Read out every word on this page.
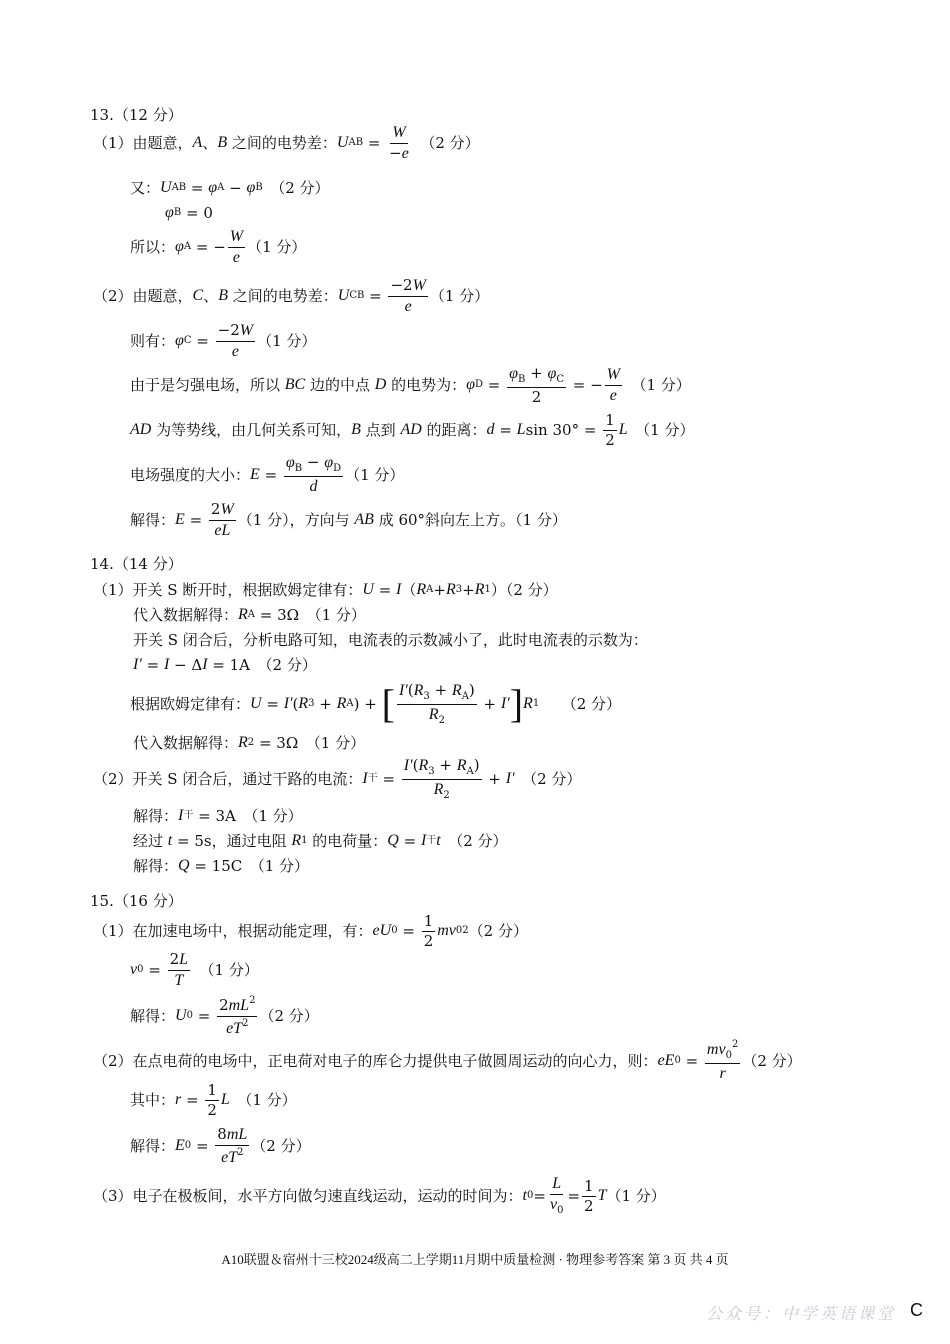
13.（12 分）
（1）由题意， A 、 B 之间的电势差： U AB = $\frac{W}{-e}$ 　（2 分）
又： U AB = φ A − φ B 　（2 分）
φ B = 0
所以： φ A = − $\frac{W}{e} (1$ 分）
（2）由题意， C 、 B 之间的电势差： U CB = $\frac{-2W}{e} (1$ 分）
则有： φ $C = \frac{-2W}{e} (1$ 分）
由于是匀强电场，所以 BC 边的中点 D 的电势为： φ $D = \frac{\varphi_B + \varphi_C}{2}$ = − $\frac{W}{e}$ 　（1 分）
AD 为等势线，由几何关系可知， B 点到 AD 的距离： d = L $\sin 30^\circ = \frac{1}{2}$ L 　（1 分）
电场强度的大小： $E = \frac{\varphi_B - \varphi_D}{d} (1$ 分）
解得： $E = \frac{2W}{eL} (1$ 分），方向与 AB 成 60°斜向左上方。（1 分）
14.（14 分）
（1）开关 S 断开时，根据欧姆定律有： U = I （ R A + R 3 + R 1 ）（2 分）
代入数据解得： R A = 3Ω　（1 分）
开关 S 闭合后，分析电路可知，电流表的示数减小了，此时电流表的示数为：
I′ = I − Δ I = 1A　（2 分）
根据欧姆定律有： U = I′ ( R 3 + R A ) + [ $\frac{I'(R_3 + R_A)}{R_2} + I'$ ] R 1 　　（2 分）
代入数据解得： R 2 = 3Ω　（1 分）
（2）开关 S 闭合后，通过干路的电流： I 干 = $\frac{I'(R_3 + R_A)}{R_2} + I'$ 　（2 分）
解得： I 干 = 3A　（1 分）
经过 t = 5s，通过电阻 R 1 的电荷量： Q = I 干 t 　（2 分）
解得： Q = 15C　（1 分）
15.（16 分）
（1）在加速电场中，根据动能定理，有： eU $0 = \frac{1}{2}$ mv 0 2 （2 分）
v $0 = \frac{2L}{T}$ 　（1 分）
解得： U $0 = \frac{2mL^2}{eT^2} (2$ 分）
（2）在点电荷的电场中，正电荷对电子的库仑力提供电子做圆周运动的向心力，则： eE $0 = \frac{mv_0^2}{r} (2$ 分）
其中： $r = \frac{1}{2}$ L 　（1 分）
解得： E $0 = \frac{8mL}{eT^2} (2$ 分）
（3）电子在极板间，水平方向做匀速直线运动，运动的时间为： t $0 = \frac{L}{v_0} = \frac{1}{2}$ T （1 分）
A10联盟＆宿州十三校2024级高二上学期11月期中质量检测 · 物理参考答案 第 3 页 共 4 页
公众号：中学英语课堂 C
